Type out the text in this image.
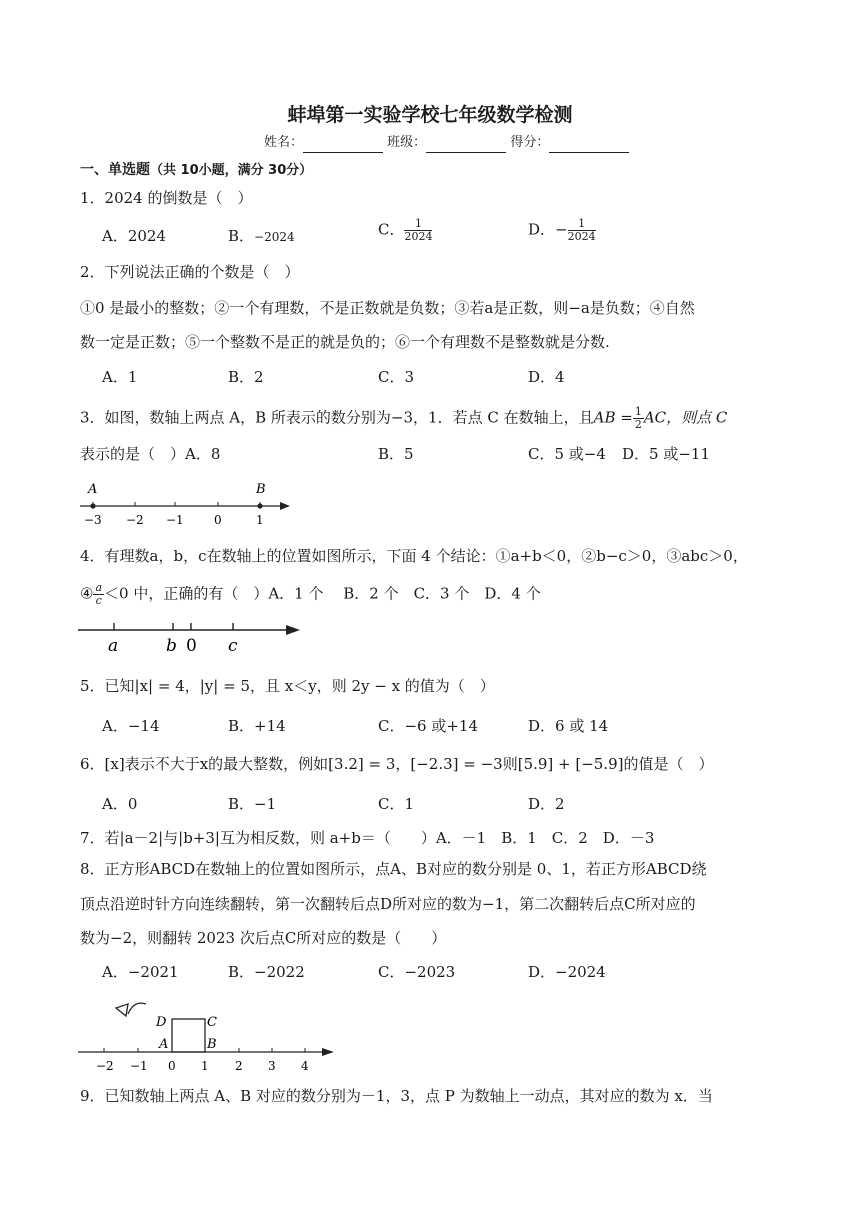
蚌埠第一实验学校七年级数学检测
姓名：	班级：	得分：
一、单选题（共 10小题，满分 30分）
1．2024 的倒数是（　）
A．2024	B．−2024	C． $\frac{1}{2024}$	D．− $\frac{1}{2024}$
2．下列说法正确的个数是（　）
①0 是最小的整数；②一个有理数，不是正数就是负数；③若a是正数，则−a是负数；④自然
数一定是正数；⑤一个整数不是正的就是负的；⑥一个有理数不是整数就是分数.
A．1	B．2	C．3	D．4
3．如图，数轴上两点 A，B 所表示的数分别为−3，1．若点 C 在数轴上，且AB = $\frac{1}{2}$ AC，则点 C
表示的是（　）A．8	B．5	C．5 或−4 D．5 或−11
A	B
−3 −2 −1	0	1
4．有理数a，b，c在数轴上的位置如图所示，下面 4 个结论：①a+b＜0，②b−c＞0，③abc＞0，
④ $\frac{a}{c} <0$ 中，正确的有（　）A．1 个　 B．2 个　C．3 个　D．4 个
a	b 0 c
5．已知|x| = 4，|y| = 5，且 x＜y，则 2y − x 的值为（　）
A．−14	B．+14	C．−6 或+14	D．6 或 14
6．[x]表示不大于x的最大整数，例如[3.2] = 3，[−2.3] = −3则[5.9] + [−5.9]的值是（　）
A．0	B．−1	C．1	D．2
7．若|a－2|与|b+3|互为相反数，则 a+b＝（　　）A．－1　B．1　C．2　D．－3
8．正方形ABCD在数轴上的位置如图所示，点A、B对应的数分别是 0、1，若正方形ABCD绕
顶点沿逆时针方向连续翻转，第一次翻转后点D所对应的数为−1，第二次翻转后点C所对应的
数为−2，则翻转 2023 次后点C所对应的数是（　　）
A．−2021	B．−2022	C．−2023	D．−2024
D	C
A	B
−2 −1 0 1 2 3 4
9．已知数轴上两点 A、B 对应的数分别为－1，3，点 P 为数轴上一动点，其对应的数为 x．当
